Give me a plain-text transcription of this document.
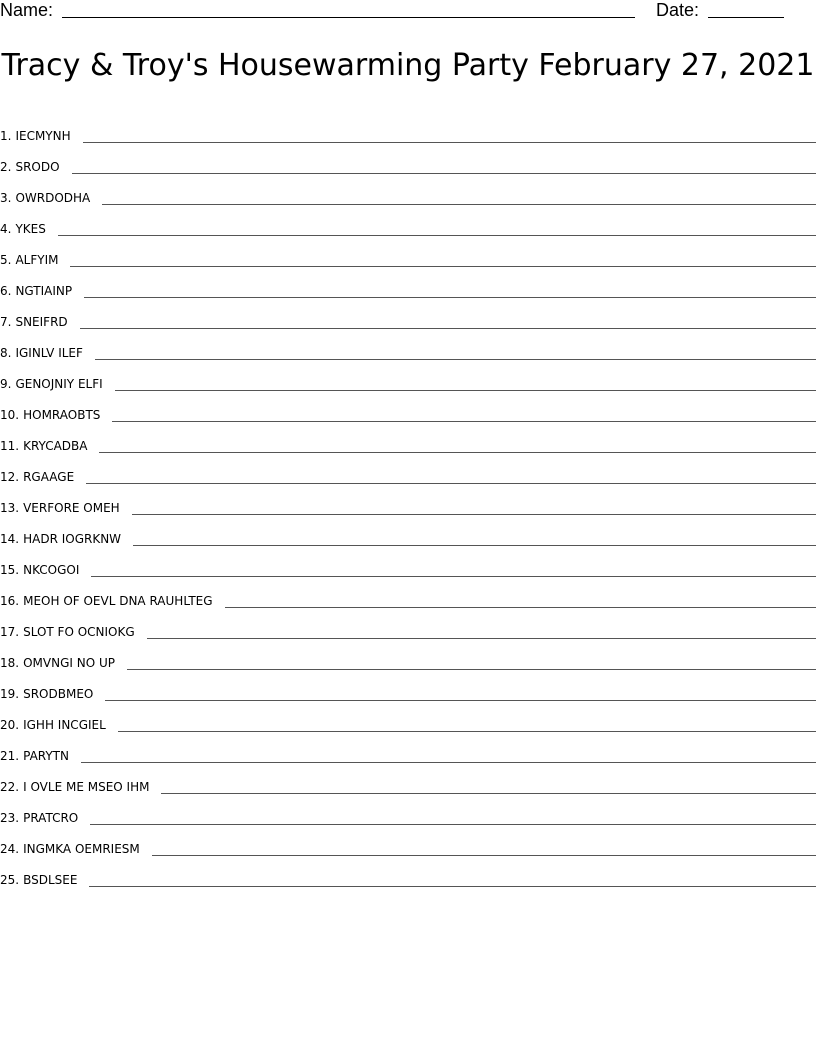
Name:	Date:
Tracy & Troy's Housewarming Party February 27, 2021
1. IECMYNH
2. SRODO
3. OWRDODHA
4. YKES
5. ALFYIM
6. NGTIAINP
7. SNEIFRD
8. IGINLV ILEF
9. GENOJNIY ELFI
10. HOMRAOBTS
11. KRYCADBA
12. RGAAGE
13. VERFORE OMEH
14. HADR IOGRKNW
15. NKCOGOI
16. MEOH OF OEVL DNA RAUHLTEG
17. SLOT FO OCNIOKG
18. OMVNGI NO UP
19. SRODBMEO
20. IGHH INCGIEL
21. PARYTN
22. I OVLE ME MSEO IHM
23. PRATCRO
24. INGMKA OEMRIESM
25. BSDLSEE
